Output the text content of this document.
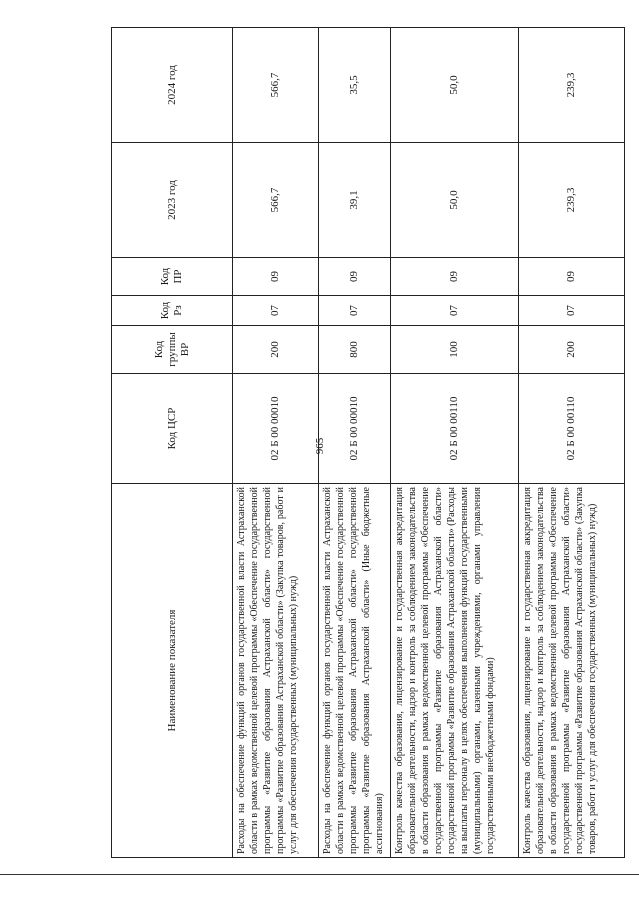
965
Наименование показателя	Код ЦСР	Код группы ВР	Код Рз	Код ПР	2023 год	2024 год
Расходы на обеспечение функций органов государственной власти Астраханской области в рамках ведомственной целевой программы «Обеспечение государственной программы «Развитие образования Астраханской области» государственной программы «Развитие образования Астраханской области» (Закупка товаров, работ и услуг для обеспечения государственных (муниципальных) нужд)	02 Б 00 00010	200	07	09	566,7	566,7
Расходы на обеспечение функций органов государственной власти Астраханской области в рамках ведомственной целевой программы «Обеспечение государственной программы «Развитие образования Астраханской области» государственной программы «Развитие образования Астраханской области» (Иные бюджетные ассигнования)	02 Б 00 00010	800	07	09	39,1	35,5
Контроль качества образования, лицензирование и государственная аккредитация образовательной деятельности, надзор и контроль за соблюдением законодательства в области образования в рамках ведомственной целевой программы «Обеспечение государственной программы «Развитие образования Астраханской области» государственной программы «Развитие образования Астраханской области» (Расходы на выплаты персоналу в целях обеспечения выполнения функций государственными (муниципальными) органами, казенными учреждениями, органами управления государственными внебюджетными фондами)	02 Б 00 00110	100	07	09	50,0	50,0
Контроль качества образования, лицензирование и государственная аккредитация образовательной деятельности, надзор и контроль за соблюдением законодательства в области образования в рамках ведомственной целевой программы «Обеспечение государственной программы «Развитие образования Астраханской области» государственной программы «Развитие образования Астраханской области» (Закупка товаров, работ и услуг для обеспечения государственных (муниципальных) нужд)	02 Б 00 00110	200	07	09	239,3	239,3
